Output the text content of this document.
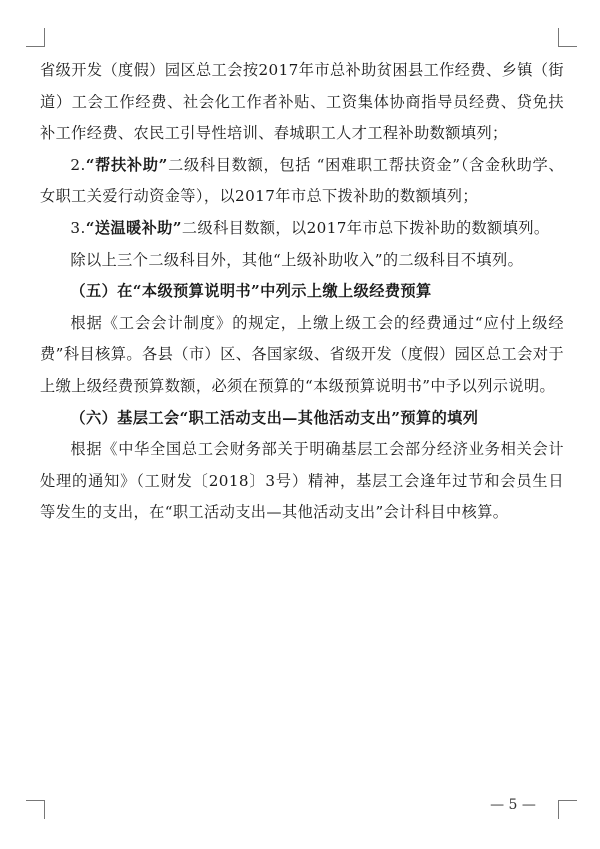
省级开发（度假）园区总工会按2017年市总补助贫困县工作经费、乡镇（街道）工会工作经费、社会化工作者补贴、工资集体协商指导员经费、贷免扶补工作经费、农民工引导性培训、春城职工人才工程补助数额填列；

2.“帮扶补助”二级科目数额，包括 “困难职工帮扶资金”（含金秋助学、女职工关爱行动资金等），以2017年市总下拨补助的数额填列；

3.“送温暖补助”二级科目数额，以2017年市总下拨补助的数额填列。

除以上三个二级科目外，其他“上级补助收入”的二级科目不填列。

（五）在“本级预算说明书”中列示上缴上级经费预算

根据《工会会计制度》的规定，上缴上级工会的经费通过“应付上级经费”科目核算。各县（市）区、各国家级、省级开发（度假）园区总工会对于上缴上级经费预算数额，必须在预算的“本级预算说明书”中予以列示说明。

（六）基层工会“职工活动支出—其他活动支出”预算的填列

根据《中华全国总工会财务部关于明确基层工会部分经济业务相关会计处理的通知》（工财发〔2018〕3号）精神，基层工会逢年过节和会员生日等发生的支出，在“职工活动支出—其他活动支出”会计科目中核算。

— 5 —
